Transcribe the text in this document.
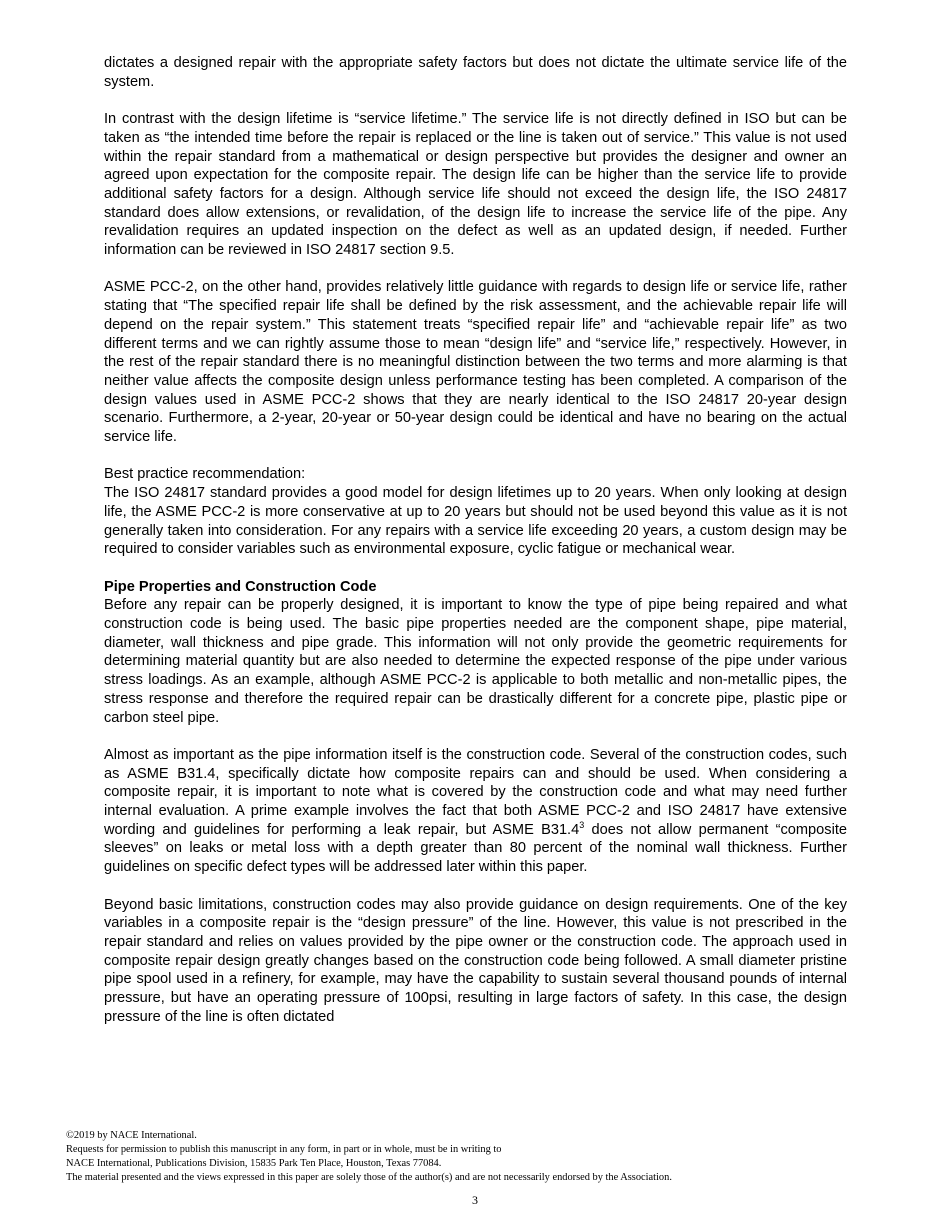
dictates a designed repair with the appropriate safety factors but does not dictate the ultimate service life of the system.

In contrast with the design lifetime is “service lifetime.” The service life is not directly defined in ISO but can be taken as “the intended time before the repair is replaced or the line is taken out of service.” This value is not used within the repair standard from a mathematical or design perspective but provides the designer and owner an agreed upon expectation for the composite repair. The design life can be higher than the service life to provide additional safety factors for a design. Although service life should not exceed the design life, the ISO 24817 standard does allow extensions, or revalidation, of the design life to increase the service life of the pipe. Any revalidation requires an updated inspection on the defect as well as an updated design, if needed. Further information can be reviewed in ISO 24817 section 9.5.

ASME PCC-2, on the other hand, provides relatively little guidance with regards to design life or service life, rather stating that “The specified repair life shall be defined by the risk assessment, and the achievable repair life will depend on the repair system.” This statement treats “specified repair life” and “achievable repair life” as two different terms and we can rightly assume those to mean “design life” and “service life,” respectively. However, in the rest of the repair standard there is no meaningful distinction between the two terms and more alarming is that neither value affects the composite design unless performance testing has been completed. A comparison of the design values used in ASME PCC-2 shows that they are nearly identical to the ISO 24817 20-year design scenario. Furthermore, a 2-year, 20-year or 50-year design could be identical and have no bearing on the actual service life.

Best practice recommendation:
The ISO 24817 standard provides a good model for design lifetimes up to 20 years. When only looking at design life, the ASME PCC-2 is more conservative at up to 20 years but should not be used beyond this value as it is not generally taken into consideration. For any repairs with a service life exceeding 20 years, a custom design may be required to consider variables such as environmental exposure, cyclic fatigue or mechanical wear.

Pipe Properties and Construction Code
Before any repair can be properly designed, it is important to know the type of pipe being repaired and what construction code is being used. The basic pipe properties needed are the component shape, pipe material, diameter, wall thickness and pipe grade. This information will not only provide the geometric requirements for determining material quantity but are also needed to determine the expected response of the pipe under various stress loadings. As an example, although ASME PCC-2 is applicable to both metallic and non-metallic pipes, the stress response and therefore the required repair can be drastically different for a concrete pipe, plastic pipe or carbon steel pipe.

Almost as important as the pipe information itself is the construction code. Several of the construction codes, such as ASME B31.4, specifically dictate how composite repairs can and should be used. When considering a composite repair, it is important to note what is covered by the construction code and what may need further internal evaluation. A prime example involves the fact that both ASME PCC-2 and ISO 24817 have extensive wording and guidelines for performing a leak repair, but ASME B31.4$^3$ does not allow permanent “composite sleeves” on leaks or metal loss with a depth greater than 80 percent of the nominal wall thickness. Further guidelines on specific defect types will be addressed later within this paper.

Beyond basic limitations, construction codes may also provide guidance on design requirements. One of the key variables in a composite repair is the “design pressure” of the line. However, this value is not prescribed in the repair standard and relies on values provided by the pipe owner or the construction code. The approach used in composite repair design greatly changes based on the construction code being followed. A small diameter pristine pipe spool used in a refinery, for example, may have the capability to sustain several thousand pounds of internal pressure, but have an operating pressure of 100psi, resulting in large factors of safety. In this case, the design pressure of the line is often dictated

©2019 by NACE International.
Requests for permission to publish this manuscript in any form, in part or in whole, must be in writing to
NACE International, Publications Division, 15835 Park Ten Place, Houston, Texas 77084.
The material presented and the views expressed in this paper are solely those of the author(s) and are not necessarily endorsed by the Association.
3
